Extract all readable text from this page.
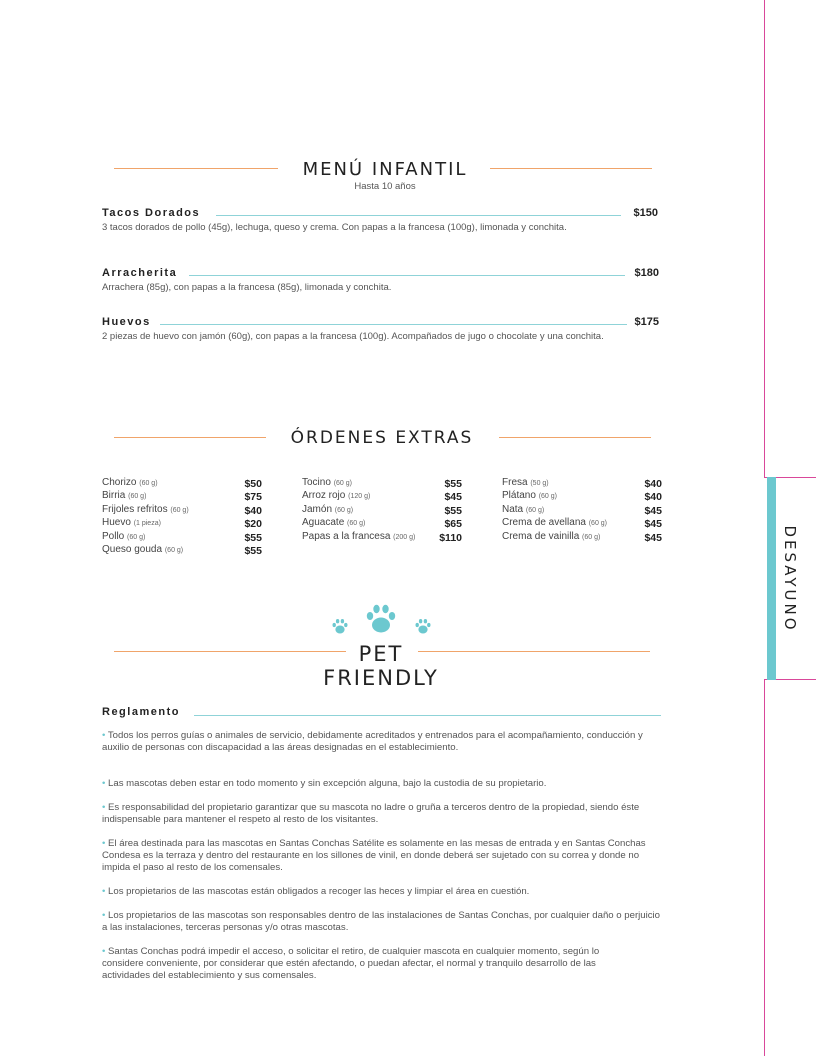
DESAYUNO
MENÚ INFANTIL
Hasta 10 años
Tacos Dorados	$150
3 tacos dorados de pollo (45g), lechuga, queso y crema. Con papas a la francesa (100g), limonada y conchita.
Arracherita	$180
Arrachera (85g), con papas a la francesa (85g), limonada y conchita.
Huevos	$175
2 piezas de huevo con jamón (60g), con papas a la francesa (100g). Acompañados de jugo o chocolate y una conchita.
ÓRDENES EXTRAS
Chorizo (60 g)	$50
Birria (60 g)	$75
Frijoles refritos (60 g)	$40
Huevo (1 pieza)	$20
Pollo (60 g)	$55
Queso gouda (60 g)	$55
Tocino (60 g)	$55
Arroz rojo (120 g)	$45
Jamón (60 g)	$55
Aguacate (60 g)	$65
Papas a la francesa (200 g) $110
Fresa (50 g)	$40
Plátano (60 g)	$40
Nata (60 g)	$45
Crema de avellana (60 g)	$45
Crema de vainilla (60 g)	$45
PET
FRIENDLY
Reglamento
• Todos los perros guías o animales de servicio, debidamente acreditados y entrenados para el acompañamiento, conducción y auxilio de personas con discapacidad a las áreas designadas en el establecimiento.
• Las mascotas deben estar en todo momento y sin excepción alguna, bajo la custodia de su propietario.
• Es responsabilidad del propietario garantizar que su mascota no ladre o gruña a terceros dentro de la propiedad, siendo éste indispensable para mantener el respeto al resto de los visitantes.
• El área destinada para las mascotas en Santas Conchas Satélite es solamente en las mesas de entrada y en Santas Conchas Condesa es la terraza y dentro del restaurante en los sillones de vinil, en donde deberá ser sujetado con su correa y donde no impida el paso al resto de los comensales.
• Los propietarios de las mascotas están obligados a recoger las heces y limpiar el área en cuestión.
• Los propietarios de las mascotas son responsables dentro de las instalaciones de Santas Conchas, por cualquier daño o perjuicio a las instalaciones, terceras personas y/o otras mascotas.
• Santas Conchas podrá impedir el acceso, o solicitar el retiro, de cualquier mascota en cualquier momento, según lo considere conveniente, por considerar que estén afectando, o puedan afectar, el normal y tranquilo desarrollo de las actividades del establecimiento y sus comensales.
